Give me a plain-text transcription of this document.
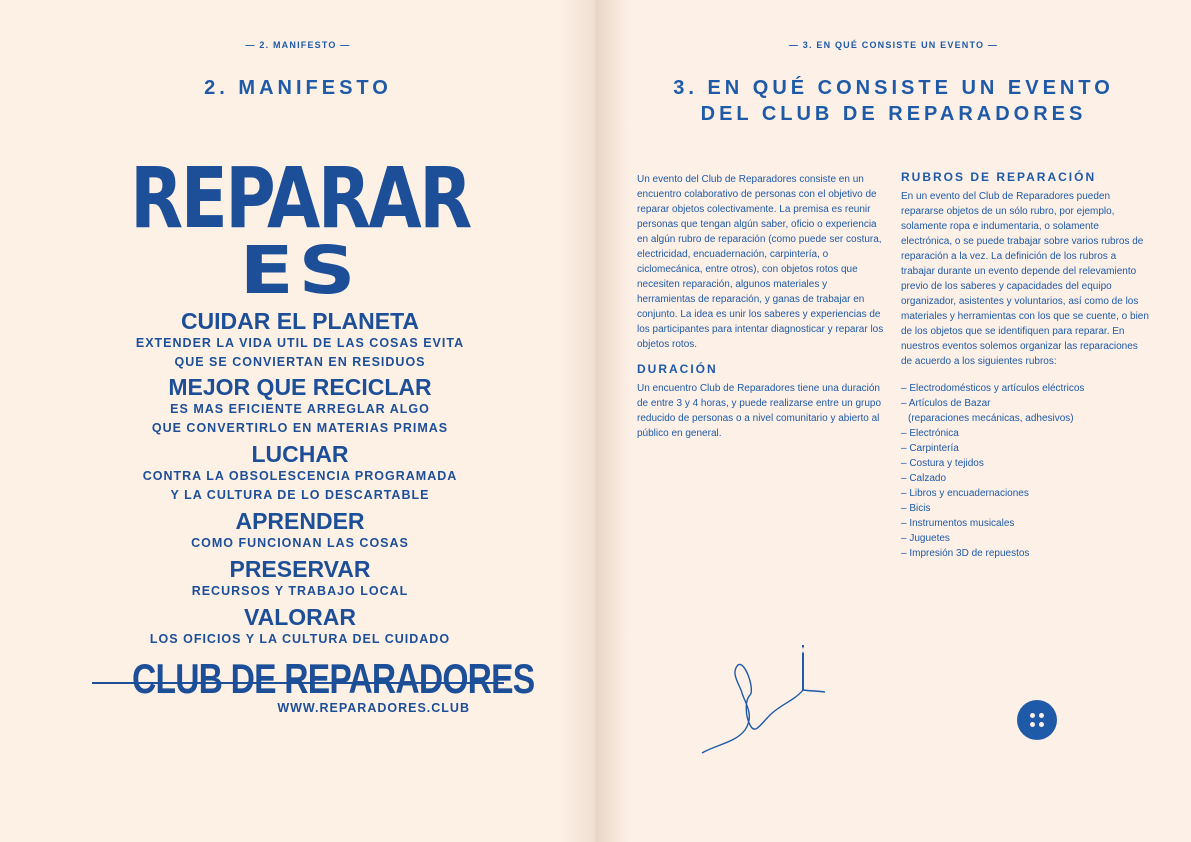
— 2. MANIFESTO —
2. MANIFESTO
REPARAR
ES
CUIDAR EL PLANETA
EXTENDER LA VIDA UTIL DE LAS COSAS EVITA
QUE SE CONVIERTAN EN RESIDUOS
MEJOR QUE RECICLAR
ES MAS EFICIENTE ARREGLAR ALGO
QUE CONVERTIRLO EN MATERIAS PRIMAS
LUCHAR
CONTRA LA OBSOLESCENCIA PROGRAMADA
Y LA CULTURA DE LO DESCARTABLE
APRENDER
COMO FUNCIONAN LAS COSAS
PRESERVAR
RECURSOS Y TRABAJO LOCAL
VALORAR
LOS OFICIOS Y LA CULTURA DEL CUIDADO
CLUB DE REPARADORES
WWW.REPARADORES.CLUB
— 3. EN QUÉ CONSISTE UN EVENTO —
3. EN QUÉ CONSISTE UN EVENTO
DEL CLUB DE REPARADORES

Un evento del Club de Reparadores consiste en un encuentro colaborativo de personas con el objetivo de reparar objetos colectivamente. La premisa es reunir personas que tengan algún saber, oficio o experiencia en algún rubro de reparación (como puede ser costura, electricidad, encuadernación, carpintería, o ciclomecánica, entre otros), con objetos rotos que necesiten reparación, algunos materiales y herramientas de reparación, y ganas de trabajar en conjunto. La idea es unir los saberes y experiencias de los participantes para intentar diagnosticar y reparar los objetos rotos.

DURACIÓN

Un encuentro Club de Reparadores tiene una duración de entre 3 y 4 horas, y puede realizarse entre un grupo reducido de personas o a nivel comunitario y abierto al público en general.

RUBROS DE REPARACIÓN

En un evento del Club de Reparadores pueden repararse objetos de un sólo rubro, por ejemplo, solamente ropa e indumentaria, o solamente electrónica, o se puede trabajar sobre varios rubros de reparación a la vez. La definición de los rubros a trabajar durante un evento depende del relevamiento previo de los saberes y capacidades del equipo organizador, asistentes y voluntarios, así como de los materiales y herramientas con los que se cuente, o bien de los objetos que se identifiquen para reparar. En nuestros eventos solemos organizar las reparaciones de acuerdo a los siguientes rubros:

– Electrodomésticos y artículos eléctricos
– Artículos de Bazar
(reparaciones mecánicas, adhesivos)
– Electrónica
– Carpintería
– Costura y tejidos
– Calzado
– Libros y encuadernaciones
– Bicis
– Instrumentos musicales
– Juguetes
– Impresión 3D de repuestos
